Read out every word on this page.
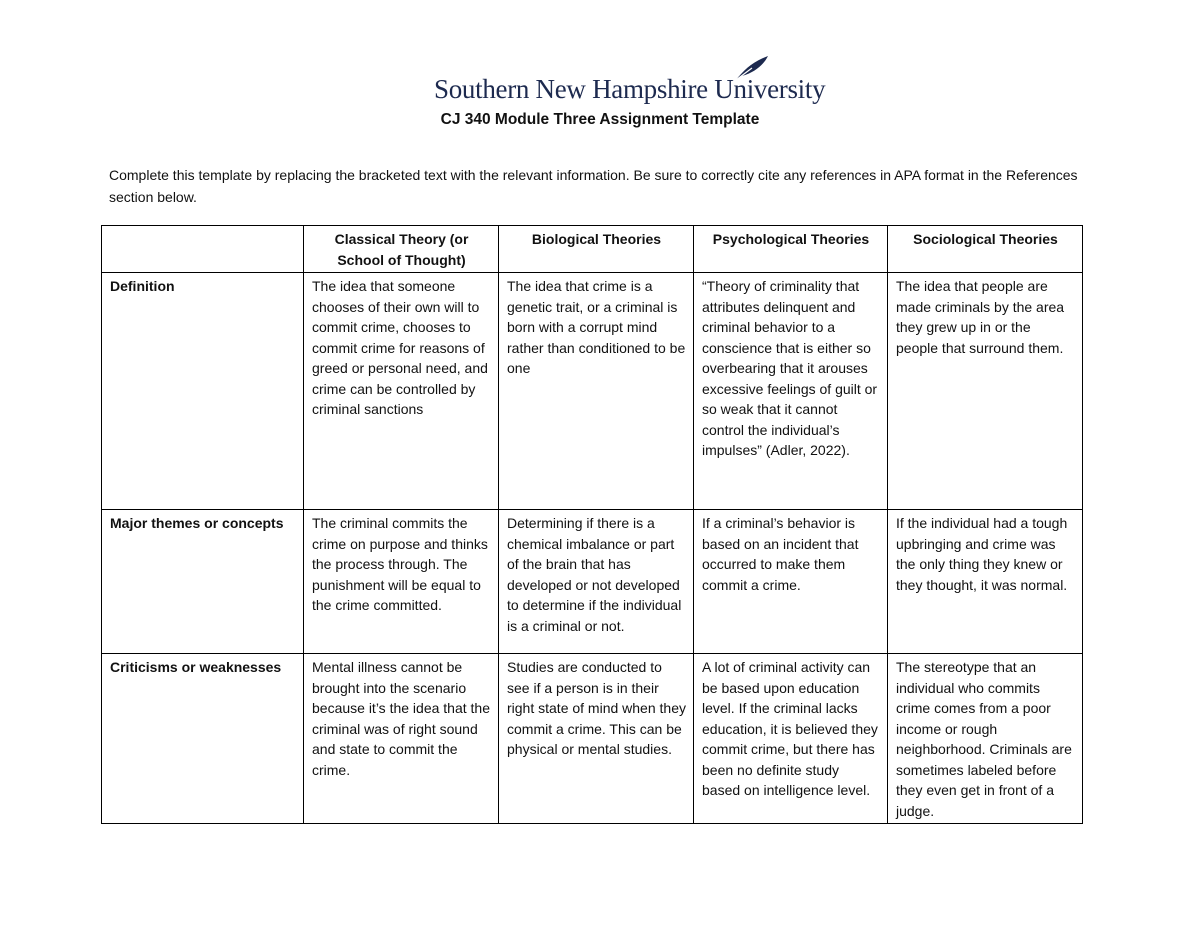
Southern New Hampshire University
CJ 340 Module Three Assignment Template
Complete this template by replacing the bracketed text with the relevant information. Be sure to correctly cite any references in APA format in the References section below.
	Classical Theory (or School of Thought)	Biological Theories	Psychological Theories	Sociological Theories
Definition	The idea that someone chooses of their own will to commit crime, chooses to commit crime for reasons of greed or personal need, and crime can be controlled by criminal sanctions	The idea that crime is a genetic trait, or a criminal is born with a corrupt mind rather than conditioned to be one	“Theory of criminality that attributes delinquent and criminal behavior to a conscience that is either so overbearing that it arouses excessive feelings of guilt or so weak that it cannot control the individual’s impulses” (Adler, 2022).	The idea that people are made criminals by the area they grew up in or the people that surround them.
Major themes or concepts	The criminal commits the crime on purpose and thinks the process through. The punishment will be equal to the crime committed.	Determining if there is a chemical imbalance or part of the brain that has developed or not developed to determine if the individual is a criminal or not.	If a criminal’s behavior is based on an incident that occurred to make them commit a crime.	If the individual had a tough upbringing and crime was the only thing they knew or they thought, it was normal.
Criticisms or weaknesses	Mental illness cannot be brought into the scenario because it’s the idea that the criminal was of right sound and state to commit the crime.	Studies are conducted to see if a person is in their right state of mind when they commit a crime. This can be physical or mental studies.	A lot of criminal activity can be based upon education level. If the criminal lacks education, it is believed they commit crime, but there has been no definite study based on intelligence level.	The stereotype that an individual who commits crime comes from a poor income or rough neighborhood. Criminals are sometimes labeled before they even get in front of a judge.
